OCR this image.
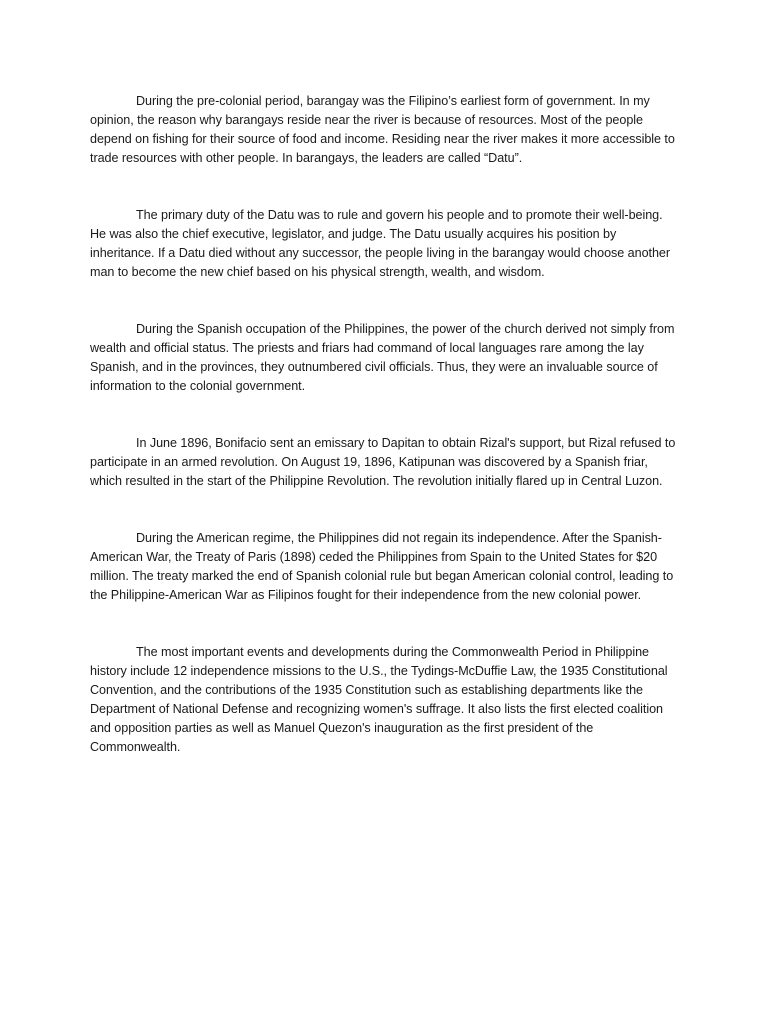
During the pre-colonial period, barangay was the Filipino’s earliest form of government. In my opinion, the reason why barangays reside near the river is because of resources. Most of the people depend on fishing for their source of food and income. Residing near the river makes it more accessible to trade resources with other people. In barangays, the leaders are called “Datu”.

The primary duty of the Datu was to rule and govern his people and to promote their well-being. He was also the chief executive, legislator, and judge. The Datu usually acquires his position by inheritance. If a Datu died without any successor, the people living in the barangay would choose another man to become the new chief based on his physical strength, wealth, and wisdom.

During the Spanish occupation of the Philippines, the power of the church derived not simply from wealth and official status. The priests and friars had command of local languages rare among the lay Spanish, and in the provinces, they outnumbered civil officials. Thus, they were an invaluable source of information to the colonial government.

In June 1896, Bonifacio sent an emissary to Dapitan to obtain Rizal's support, but Rizal refused to participate in an armed revolution. On August 19, 1896, Katipunan was discovered by a Spanish friar, which resulted in the start of the Philippine Revolution. The revolution initially flared up in Central Luzon.

During the American regime, the Philippines did not regain its independence. After the Spanish-American War, the Treaty of Paris (1898) ceded the Philippines from Spain to the United States for $20 million. The treaty marked the end of Spanish colonial rule but began American colonial control, leading to the Philippine-American War as Filipinos fought for their independence from the new colonial power.

The most important events and developments during the Commonwealth Period in Philippine history include 12 independence missions to the U.S., the Tydings-McDuffie Law, the 1935 Constitutional Convention, and the contributions of the 1935 Constitution such as establishing departments like the Department of National Defense and recognizing women's suffrage. It also lists the first elected coalition and opposition parties as well as Manuel Quezon's inauguration as the first president of the Commonwealth.
